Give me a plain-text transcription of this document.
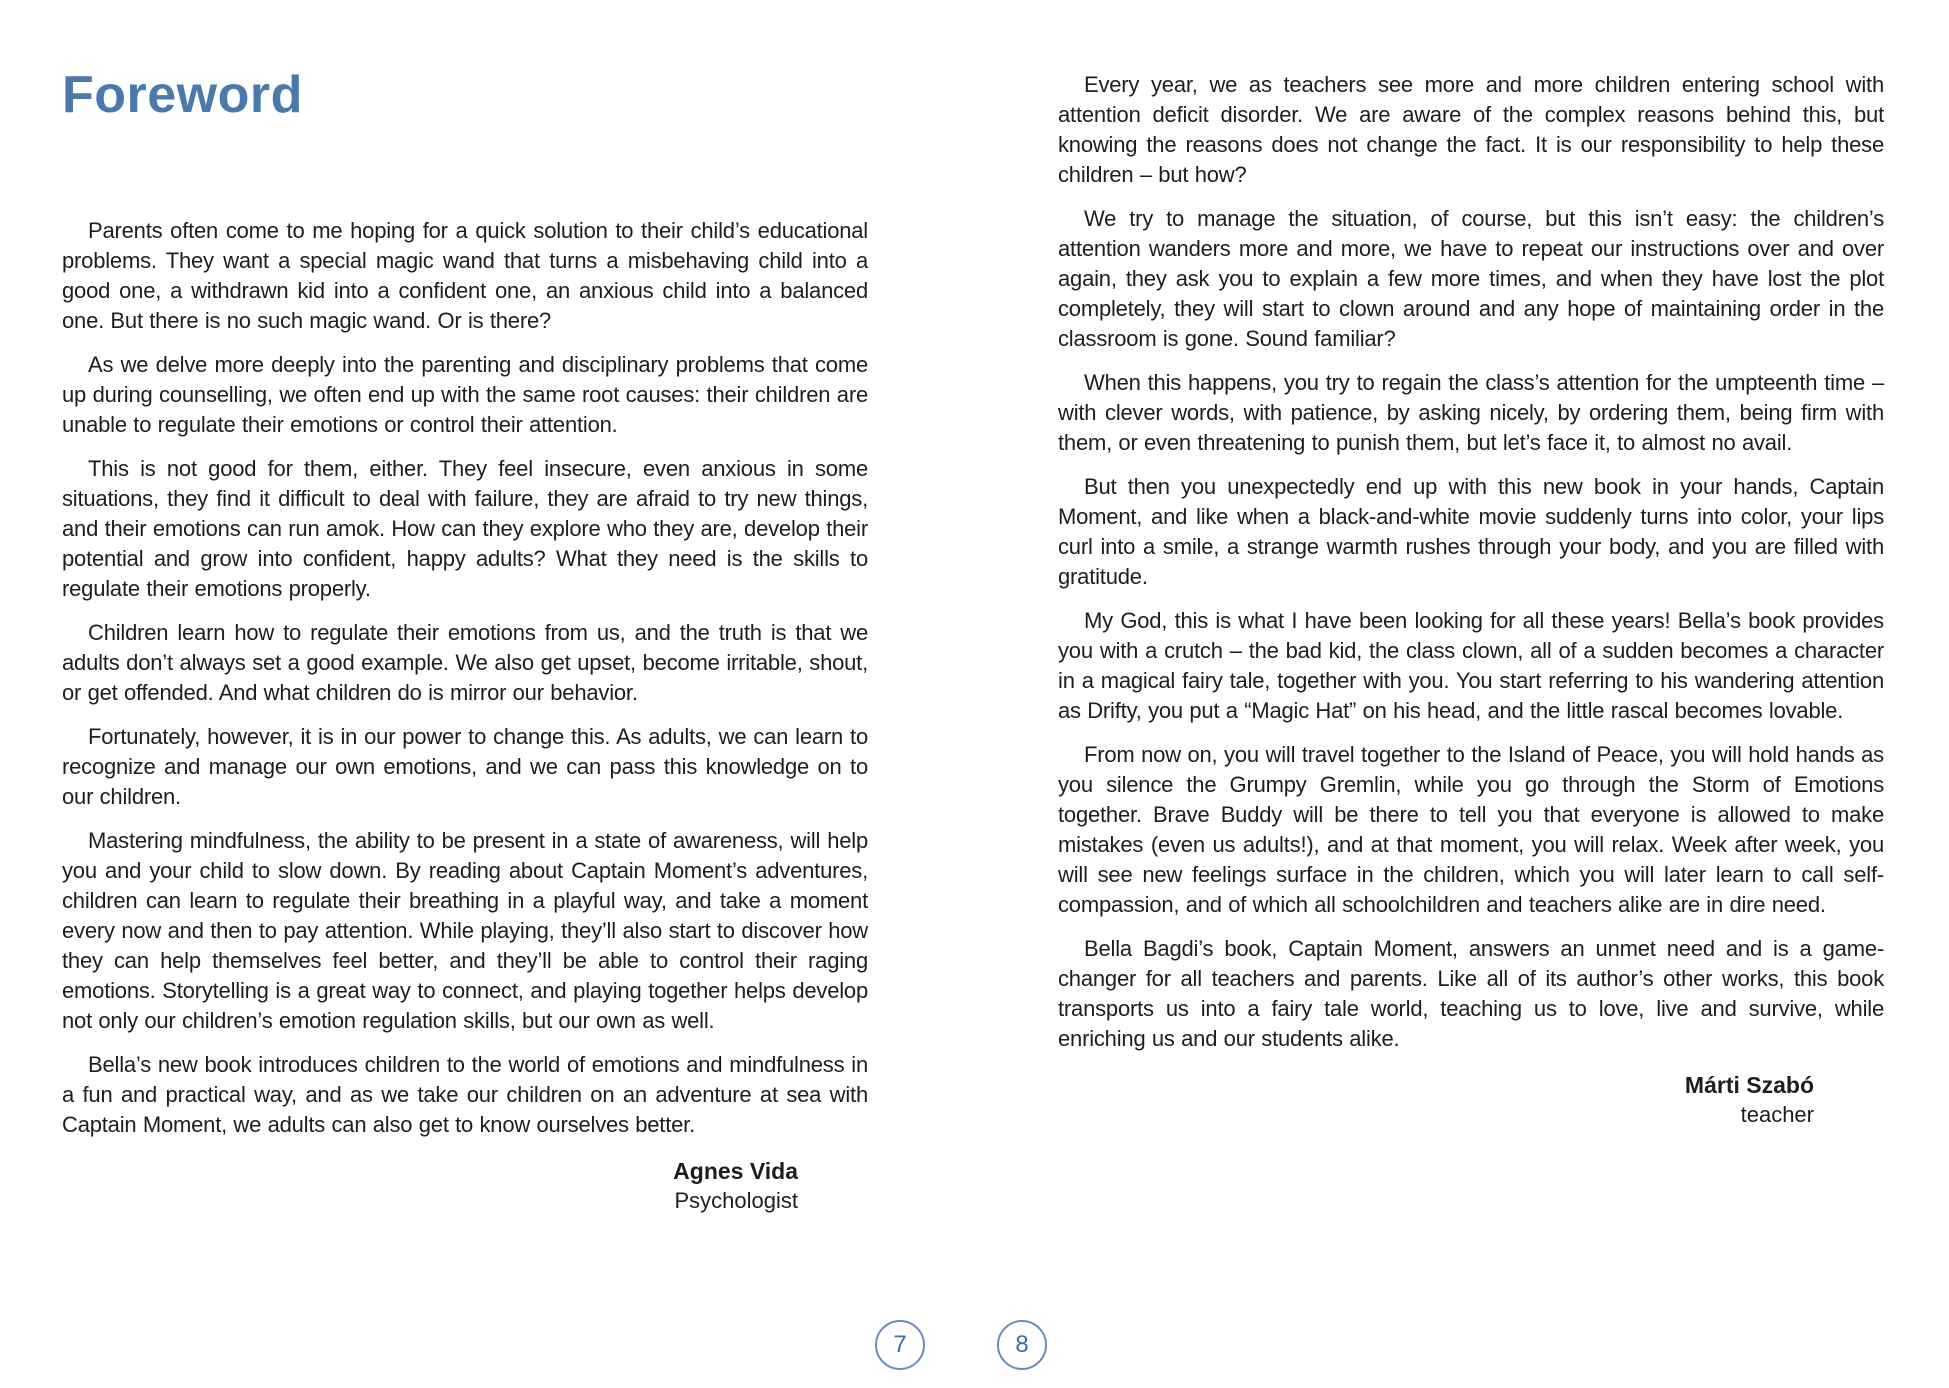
Foreword

Parents often come to me hoping for a quick solution to their child’s educational problems. They want a special magic wand that turns a misbehaving child into a good one, a withdrawn kid into a confident one, an anxious child into a balanced one. But there is no such magic wand. Or is there?

As we delve more deeply into the parenting and disciplinary problems that come up during counselling, we often end up with the same root causes: their children are unable to regulate their emotions or control their attention.

This is not good for them, either. They feel insecure, even anxious in some situations, they find it difficult to deal with failure, they are afraid to try new things, and their emotions can run amok. How can they explore who they are, develop their potential and grow into confident, happy adults? What they need is the skills to regulate their emotions properly.

Children learn how to regulate their emotions from us, and the truth is that we adults don’t always set a good example. We also get upset, become irritable, shout, or get offended. And what children do is mirror our behavior.

Fortunately, however, it is in our power to change this. As adults, we can learn to recognize and manage our own emotions, and we can pass this knowledge on to our children.

Mastering mindfulness, the ability to be present in a state of awareness, will help you and your child to slow down. By reading about Captain Moment’s adventures, children can learn to regulate their breathing in a playful way, and take a moment every now and then to pay attention. While playing, they’ll also start to discover how they can help themselves feel better, and they’ll be able to control their raging emotions. Storytelling is a great way to connect, and playing together helps develop not only our children’s emotion regulation skills, but our own as well.

Bella’s new book introduces children to the world of emotions and mindfulness in a fun and practical way, and as we take our children on an adventure at sea with Captain Moment, we adults can also get to know ourselves better.

Agnes Vida
Psychologist

Every year, we as teachers see more and more children entering school with attention deficit disorder. We are aware of the complex reasons behind this, but knowing the reasons does not change the fact. It is our responsibility to help these children – but how?

We try to manage the situation, of course, but this isn’t easy: the children’s attention wanders more and more, we have to repeat our instructions over and over again, they ask you to explain a few more times, and when they have lost the plot completely, they will start to clown around and any hope of maintaining order in the classroom is gone. Sound familiar?

When this happens, you try to regain the class’s attention for the umpteenth time – with clever words, with patience, by asking nicely, by ordering them, being firm with them, or even threatening to punish them, but let’s face it, to almost no avail.

But then you unexpectedly end up with this new book in your hands, Captain Moment, and like when a black-and-white movie suddenly turns into color, your lips curl into a smile, a strange warmth rushes through your body, and you are filled with gratitude.

My God, this is what I have been looking for all these years! Bella’s book provides you with a crutch – the bad kid, the class clown, all of a sudden becomes a character in a magical fairy tale, together with you. You start referring to his wandering attention as Drifty, you put a “Magic Hat” on his head, and the little rascal becomes lovable.

From now on, you will travel together to the Island of Peace, you will hold hands as you silence the Grumpy Gremlin, while you go through the Storm of Emotions together. Brave Buddy will be there to tell you that everyone is allowed to make mistakes (even us adults!), and at that moment, you will relax. Week after week, you will see new feelings surface in the children, which you will later learn to call self-compassion, and of which all schoolchildren and teachers alike are in dire need.

Bella Bagdi’s book, Captain Moment, answers an unmet need and is a game-changer for all teachers and parents. Like all of its author’s other works, this book transports us into a fairy tale world, teaching us to love, live and survive, while enriching us and our students alike.

Márti Szabó
teacher
7	8
